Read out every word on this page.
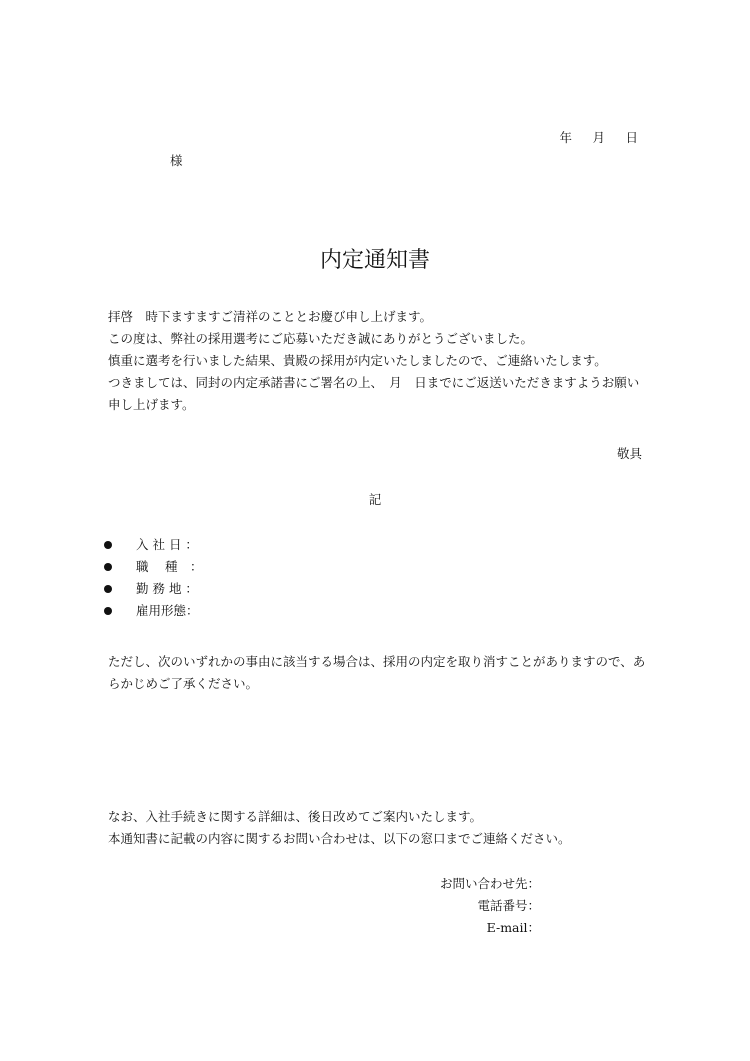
年　月　日
様
内定通知書
拝啓　時下ますますご清祥のこととお慶び申し上げます。
この度は、弊社の採用選考にご応募いただき誠にありがとうございました。
慎重に選考を行いました結果、貴殿の採用が内定いたしましたので、ご連絡いたします。
つきましては、同封の内定承諾書にご署名の上、　月　日までにご返送いただきますようお願い
申し上げます。
敬具
記
入 社 日 ：
職　 種　：
勤 務 地 ：
雇用形態：
ただし、次のいずれかの事由に該当する場合は、採用の内定を取り消すことがありますので、あ
らかじめご了承ください。
なお、入社手続きに関する詳細は、後日改めてご案内いたします。
本通知書に記載の内容に関するお問い合わせは、以下の窓口までご連絡ください。
お問い合わせ先：
電話番号：
E-mail：
